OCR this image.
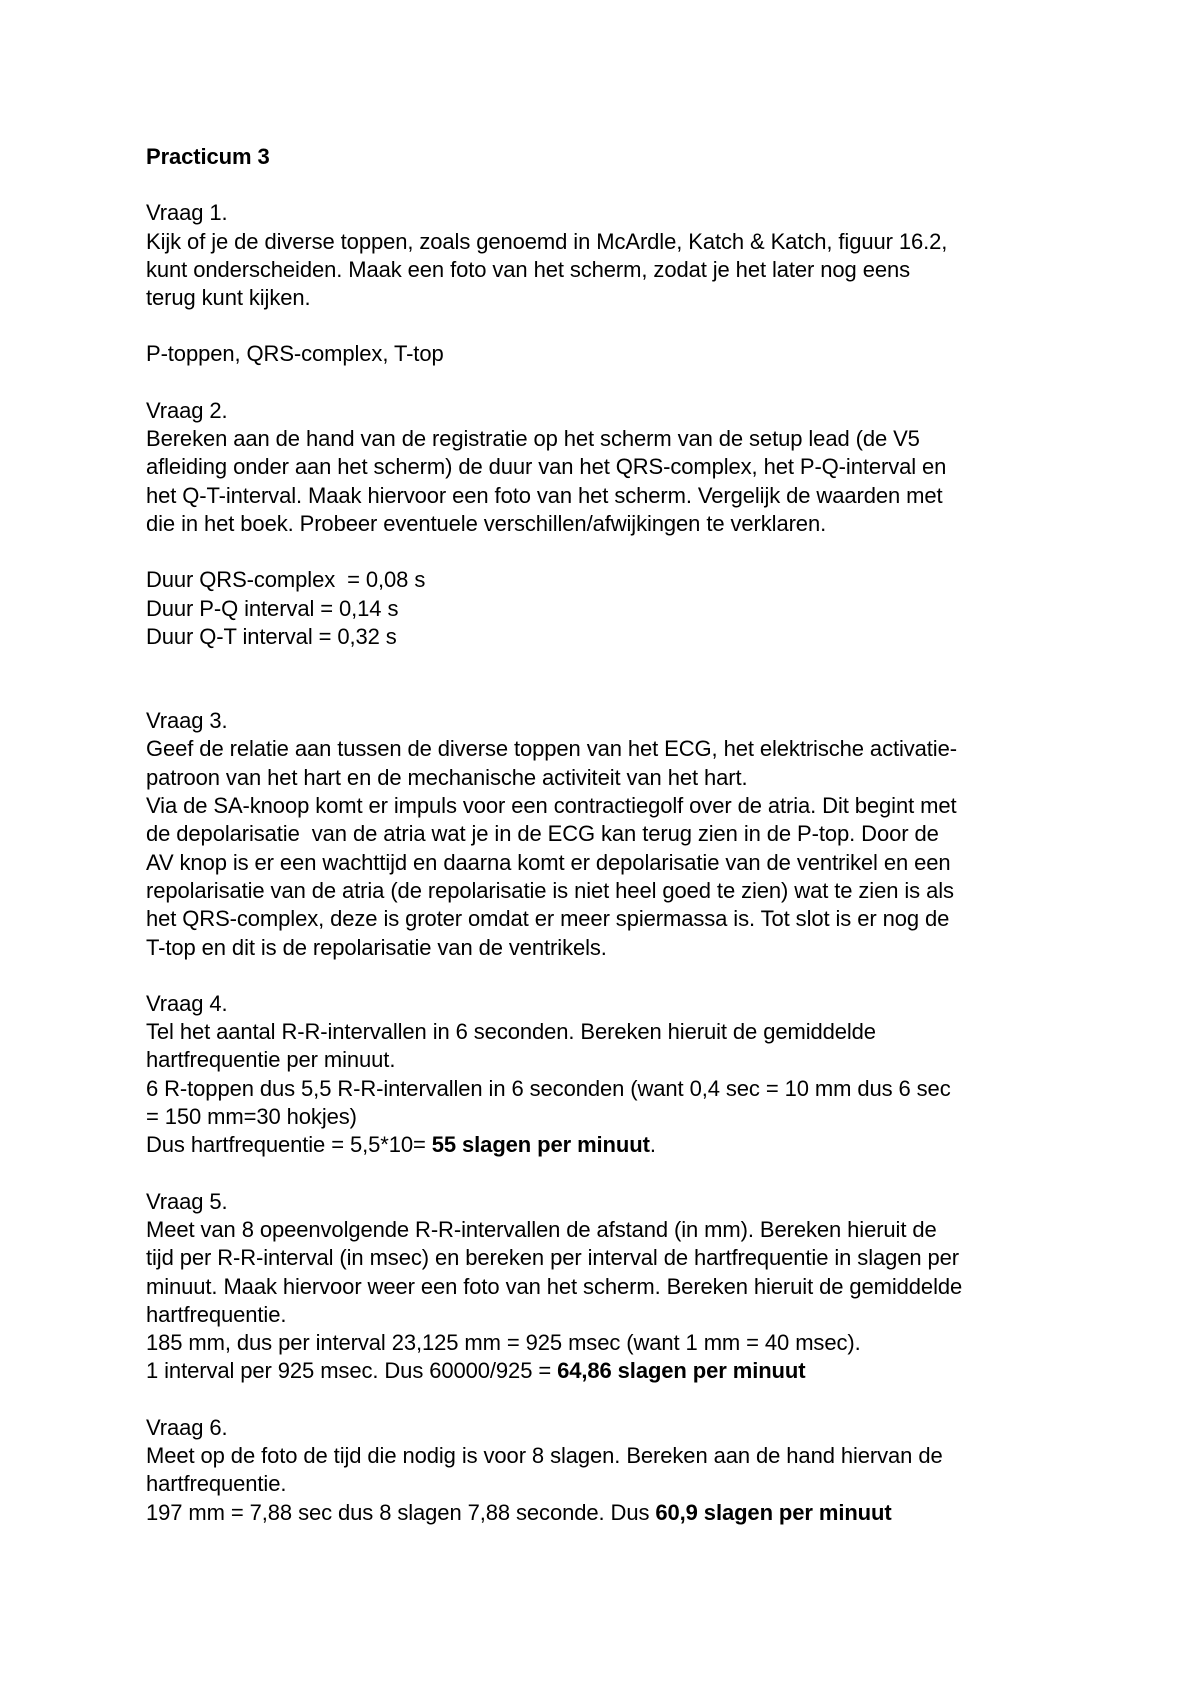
Practicum 3
Vraag 1.
Kijk of je de diverse toppen, zoals genoemd in McArdle, Katch & Katch, figuur 16.2,
kunt onderscheiden. Maak een foto van het scherm, zodat je het later nog eens
terug kunt kijken.
P-toppen, QRS-complex, T-top
Vraag 2.
Bereken aan de hand van de registratie op het scherm van de setup lead (de V5
afleiding onder aan het scherm) de duur van het QRS-complex, het P-Q-interval en
het Q-T-interval. Maak hiervoor een foto van het scherm. Vergelijk de waarden met
die in het boek. Probeer eventuele verschillen/afwijkingen te verklaren.
Duur QRS-complex  = 0,08 s
Duur P-Q interval = 0,14 s
Duur Q-T interval = 0,32 s
Vraag 3.
Geef de relatie aan tussen de diverse toppen van het ECG, het elektrische activatie-
patroon van het hart en de mechanische activiteit van het hart.
Via de SA-knoop komt er impuls voor een contractiegolf over de atria. Dit begint met
de depolarisatie  van de atria wat je in de ECG kan terug zien in de P-top. Door de
AV knop is er een wachttijd en daarna komt er depolarisatie van de ventrikel en een
repolarisatie van de atria (de repolarisatie is niet heel goed te zien) wat te zien is als
het QRS-complex, deze is groter omdat er meer spiermassa is. Tot slot is er nog de
T-top en dit is de repolarisatie van de ventrikels.
Vraag 4.
Tel het aantal R-R-intervallen in 6 seconden. Bereken hieruit de gemiddelde
hartfrequentie per minuut.
6 R-toppen dus 5,5 R-R-intervallen in 6 seconden (want 0,4 sec = 10 mm dus 6 sec
= 150 mm=30 hokjes)
Dus hartfrequentie = 5,5*10= 55 slagen per minuut.
Vraag 5.
Meet van 8 opeenvolgende R-R-intervallen de afstand (in mm). Bereken hieruit de
tijd per R-R-interval (in msec) en bereken per interval de hartfrequentie in slagen per
minuut. Maak hiervoor weer een foto van het scherm. Bereken hieruit de gemiddelde
hartfrequentie.
185 mm, dus per interval 23,125 mm = 925 msec (want 1 mm = 40 msec).
1 interval per 925 msec. Dus 60000/925 = 64,86 slagen per minuut
Vraag 6.
Meet op de foto de tijd die nodig is voor 8 slagen. Bereken aan de hand hiervan de
hartfrequentie.
197 mm = 7,88 sec dus 8 slagen 7,88 seconde. Dus 60,9 slagen per minuut
